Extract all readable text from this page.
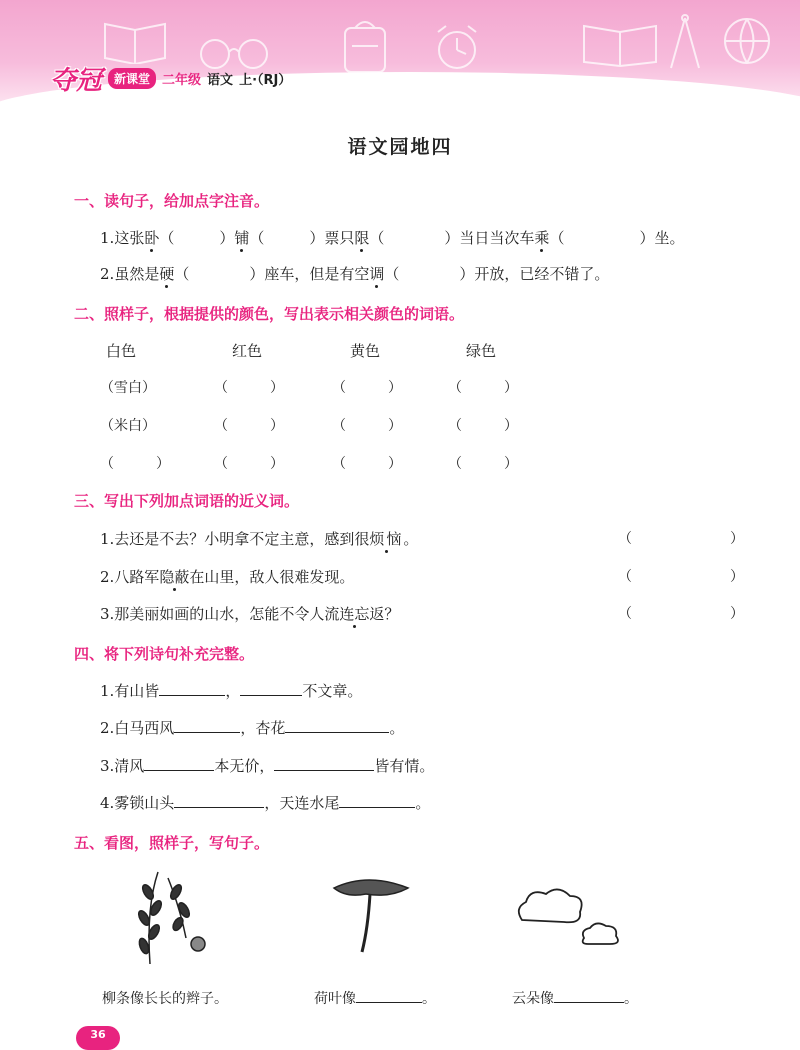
夺冠	新课堂 二年级 语文 上·（RJ）
语文园地四
一、读句子，给加点字注音。
1.这张卧（　　　）铺（　　　）票只限（　　　　）当日当次车乘（　　　　　）坐。
2.虽然是硬（　　　　）座车，但是有空调（　　　　）开放，已经不错了。
二、照样子，根据提供的颜色，写出表示相关颜色的词语。
白色	红色	黄色	绿色
（雪白）	（　　　）	（　　　）	（　　　）
（米白）	（　　　）	（　　　）	（　　　）
（　　　）	（　　　）	（　　　）	（　　　）
三、写出下列加点词语的近义词。
1.去还是不去？小明拿不定主意，感到很烦恼。	（　　　　　　　）
2.八路军隐蔽在山里，敌人很难发现。	（　　　　　　　）
3.那美丽如画的山水，怎能不令人流连忘返？	（　　　　　　　）
四、将下列诗句补充完整。
1.有山皆	，	不文章。
2.白马西风	，杏花	。
3.清风	本无价，	皆有情。
4.雾锁山头	，天连水尾	。
五、看图，照样子，写句子。
柳条像长长的辫子。	荷叶像	。	云朵像	。
36
